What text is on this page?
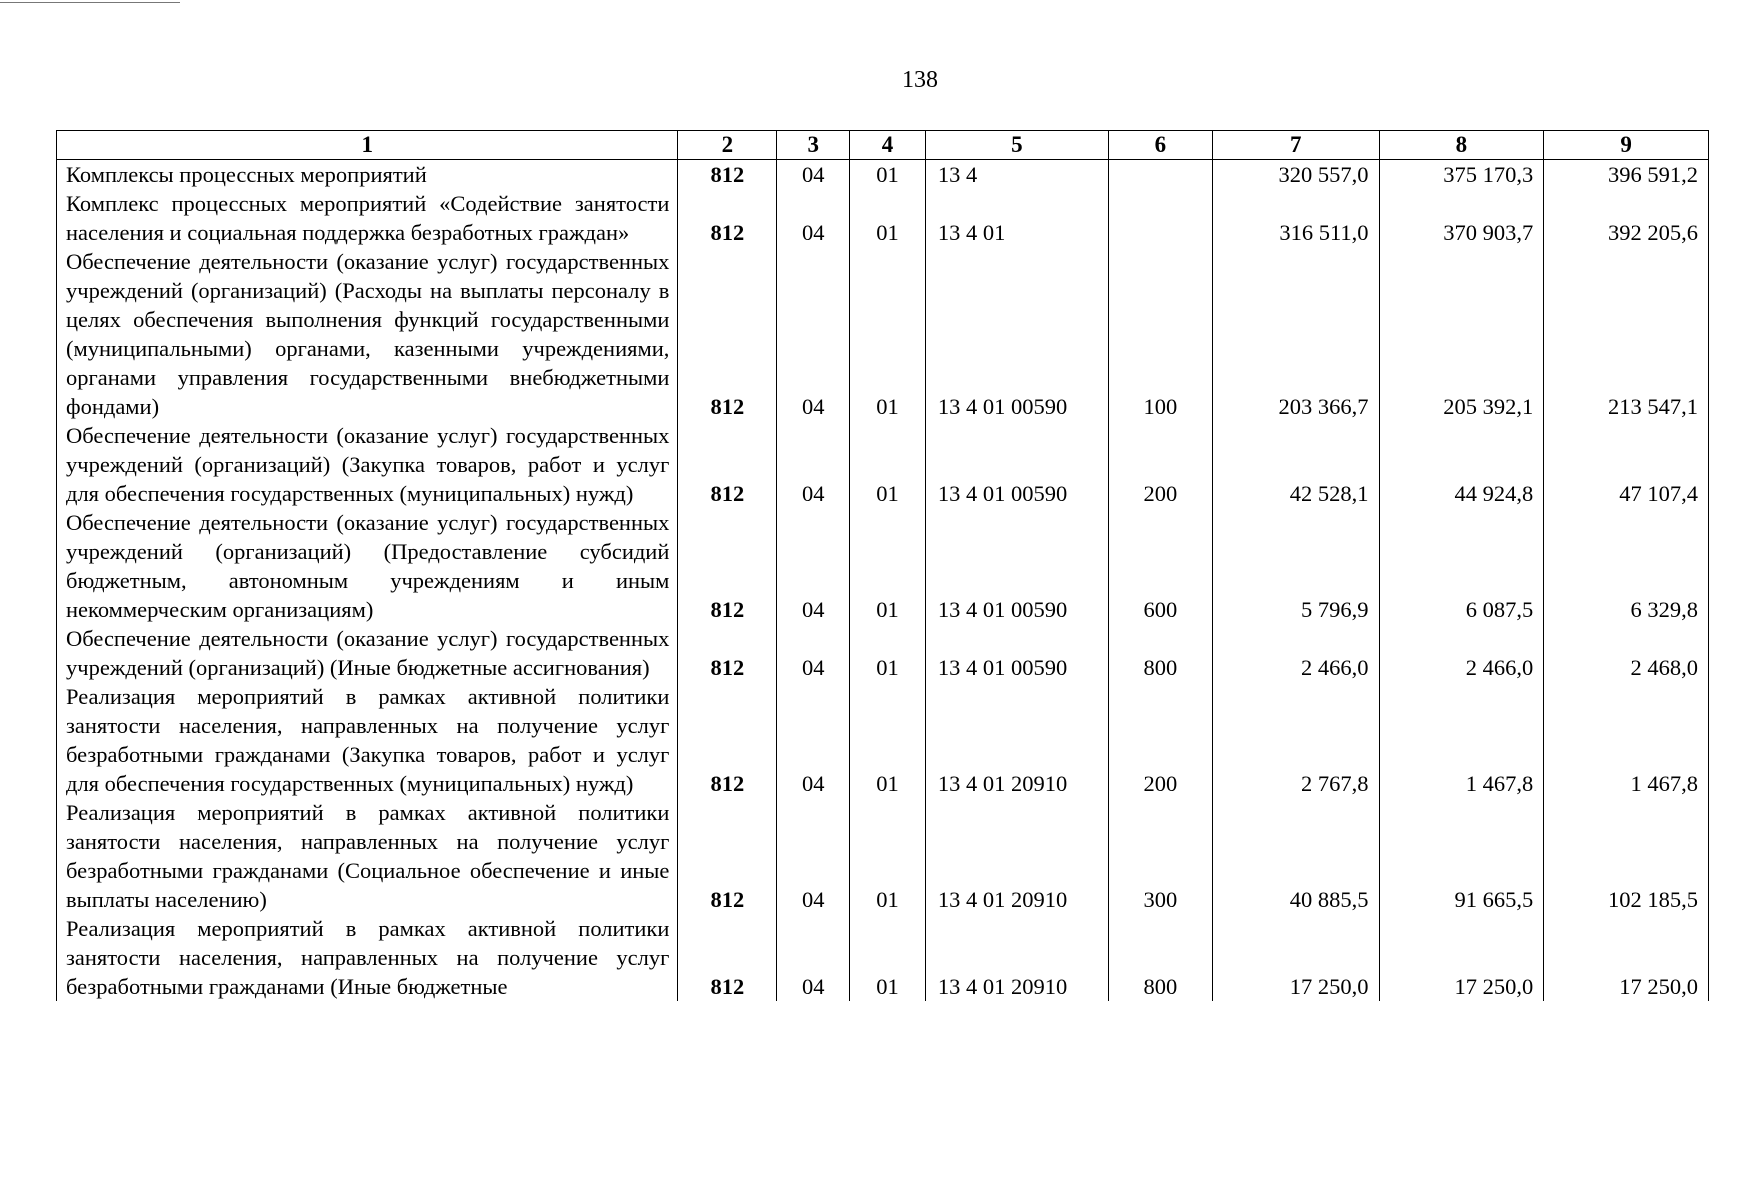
138
1	2	3	4	5	6	7	8	9
Комплексы процессных мероприятий	812	04	01	13 4		320 557,0	375 170,3	396 591,2
Комплекс процессных мероприятий «Содействие занятости населения и социальная поддержка безработных граждан»	812	04	01	13 4 01		316 511,0	370 903,7	392 205,6
Обеспечение деятельности (оказание услуг) государственных учреждений (организаций) (Расходы на выплаты персоналу в целях обеспечения выполнения функций государственными (муниципальными) органами, казенными учреждениями, органами управления государственными внебюджетными фондами)	812	04	01	13 4 01 00590	100	203 366,7	205 392,1	213 547,1
Обеспечение деятельности (оказание услуг) государственных учреждений (организаций) (Закупка товаров, работ и услуг для обеспечения государственных (муниципальных) нужд)	812	04	01	13 4 01 00590	200	42 528,1	44 924,8	47 107,4
Обеспечение деятельности (оказание услуг) государственных учреждений (организаций) (Предоставление субсидий бюджетным, автономным учреждениям и иным некоммерческим организациям)	812	04	01	13 4 01 00590	600	5 796,9	6 087,5	6 329,8
Обеспечение деятельности (оказание услуг) государственных учреждений (организаций) (Иные бюджетные ассигнования)	812	04	01	13 4 01 00590	800	2 466,0	2 466,0	2 468,0
Реализация мероприятий в рамках активной политики занятости населения, направленных на получение услуг безработными гражданами (Закупка товаров, работ и услуг для обеспечения государственных (муниципальных) нужд)	812	04	01	13 4 01 20910	200	2 767,8	1 467,8	1 467,8
Реализация мероприятий в рамках активной политики занятости населения, направленных на получение услуг безработными гражданами (Социальное обеспечение и иные выплаты населению)	812	04	01	13 4 01 20910	300	40 885,5	91 665,5	102 185,5
Реализация мероприятий в рамках активной политики занятости населения, направленных на получение услуг безработными гражданами (Иные бюджетные	812	04	01	13 4 01 20910	800	17 250,0	17 250,0	17 250,0
